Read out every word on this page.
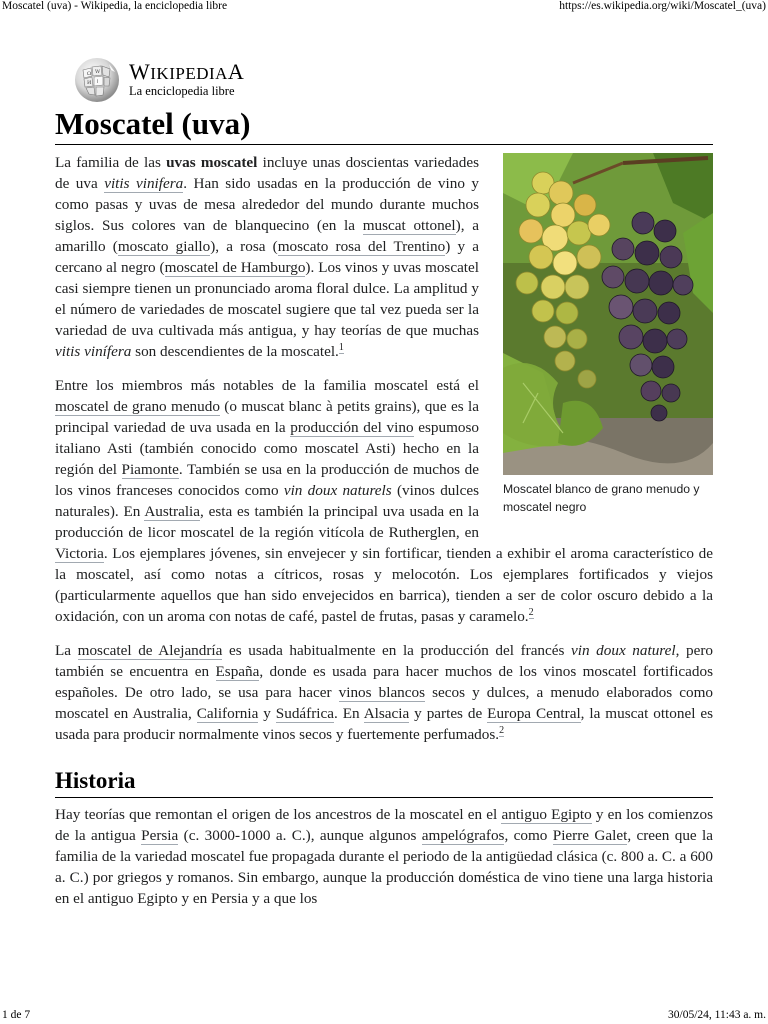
Moscatel (uva) - Wikipedia, la enciclopedia libre	https://es.wikipedia.org/wiki/Moscatel_(uva)
Ω W
ا
И WIKIPEDIAA
La enciclopedia libre
Moscatel (uva)
Moscatel blanco de grano menudo y moscatel negro

La familia de las uvas moscatel incluye unas doscientas variedades de uva vitis vinifera. Han sido usadas en la producción de vino y como pasas y uvas de mesa alrededor del mundo durante muchos siglos. Sus colores van de blanquecino (en la muscat ottonel), a amarillo (moscato giallo), a rosa (moscato rosa del Trentino) y a cercano al negro (moscatel de Hamburgo). Los vinos y uvas moscatel casi siempre tienen un pronunciado aroma floral dulce. La amplitud y el número de variedades de moscatel sugiere que tal vez pueda ser la variedad de uva cultivada más antigua, y hay teorías de que muchas vitis vinífera son descendientes de la moscatel.$^1$

Entre los miembros más notables de la familia moscatel está el moscatel de grano menudo (o muscat blanc à petits grains), que es la principal variedad de uva usada en la producción del vino espumoso italiano Asti (también conocido como moscatel Asti) hecho en la región del Piamonte. También se usa en la producción de muchos de los vinos franceses conocidos como vin doux naturels (vinos dulces naturales). En Australia, esta es también la principal uva usada en la producción de licor moscatel de la región vitícola de Rutherglen, en Victoria. Los ejemplares jóvenes, sin envejecer y sin fortificar, tienden a exhibir el aroma característico de la moscatel, así como notas a cítricos, rosas y melocotón. Los ejemplares fortificados y viejos (particularmente aquellos que han sido envejecidos en barrica), tienden a ser de color oscuro debido a la oxidación, con un aroma con notas de café, pastel de frutas, pasas y caramelo.$^2$

La moscatel de Alejandría es usada habitualmente en la producción del francés vin doux naturel, pero también se encuentra en España, donde es usada para hacer muchos de los vinos moscatel fortificados españoles. De otro lado, se usa para hacer vinos blancos secos y dulces, a menudo elaborados como moscatel en Australia, California y Sudáfrica. En Alsacia y partes de Europa Central, la muscat ottonel es usada para producir normalmente vinos secos y fuertemente perfumados.$^2$

Historia

Hay teorías que remontan el origen de los ancestros de la moscatel en el antiguo Egipto y en los comienzos de la antigua Persia (c. 3000-1000 a. C.), aunque algunos ampelógrafos, como Pierre Galet, creen que la familia de la variedad moscatel fue propagada durante el periodo de la antigüedad clásica (c. 800 a. C. a 600 a. C.) por griegos y romanos. Sin embargo, aunque la producción doméstica de vino tiene una larga historia en el antiguo Egipto y en Persia y a que los

1 de 7	30/05/24, 11:43 a. m.
